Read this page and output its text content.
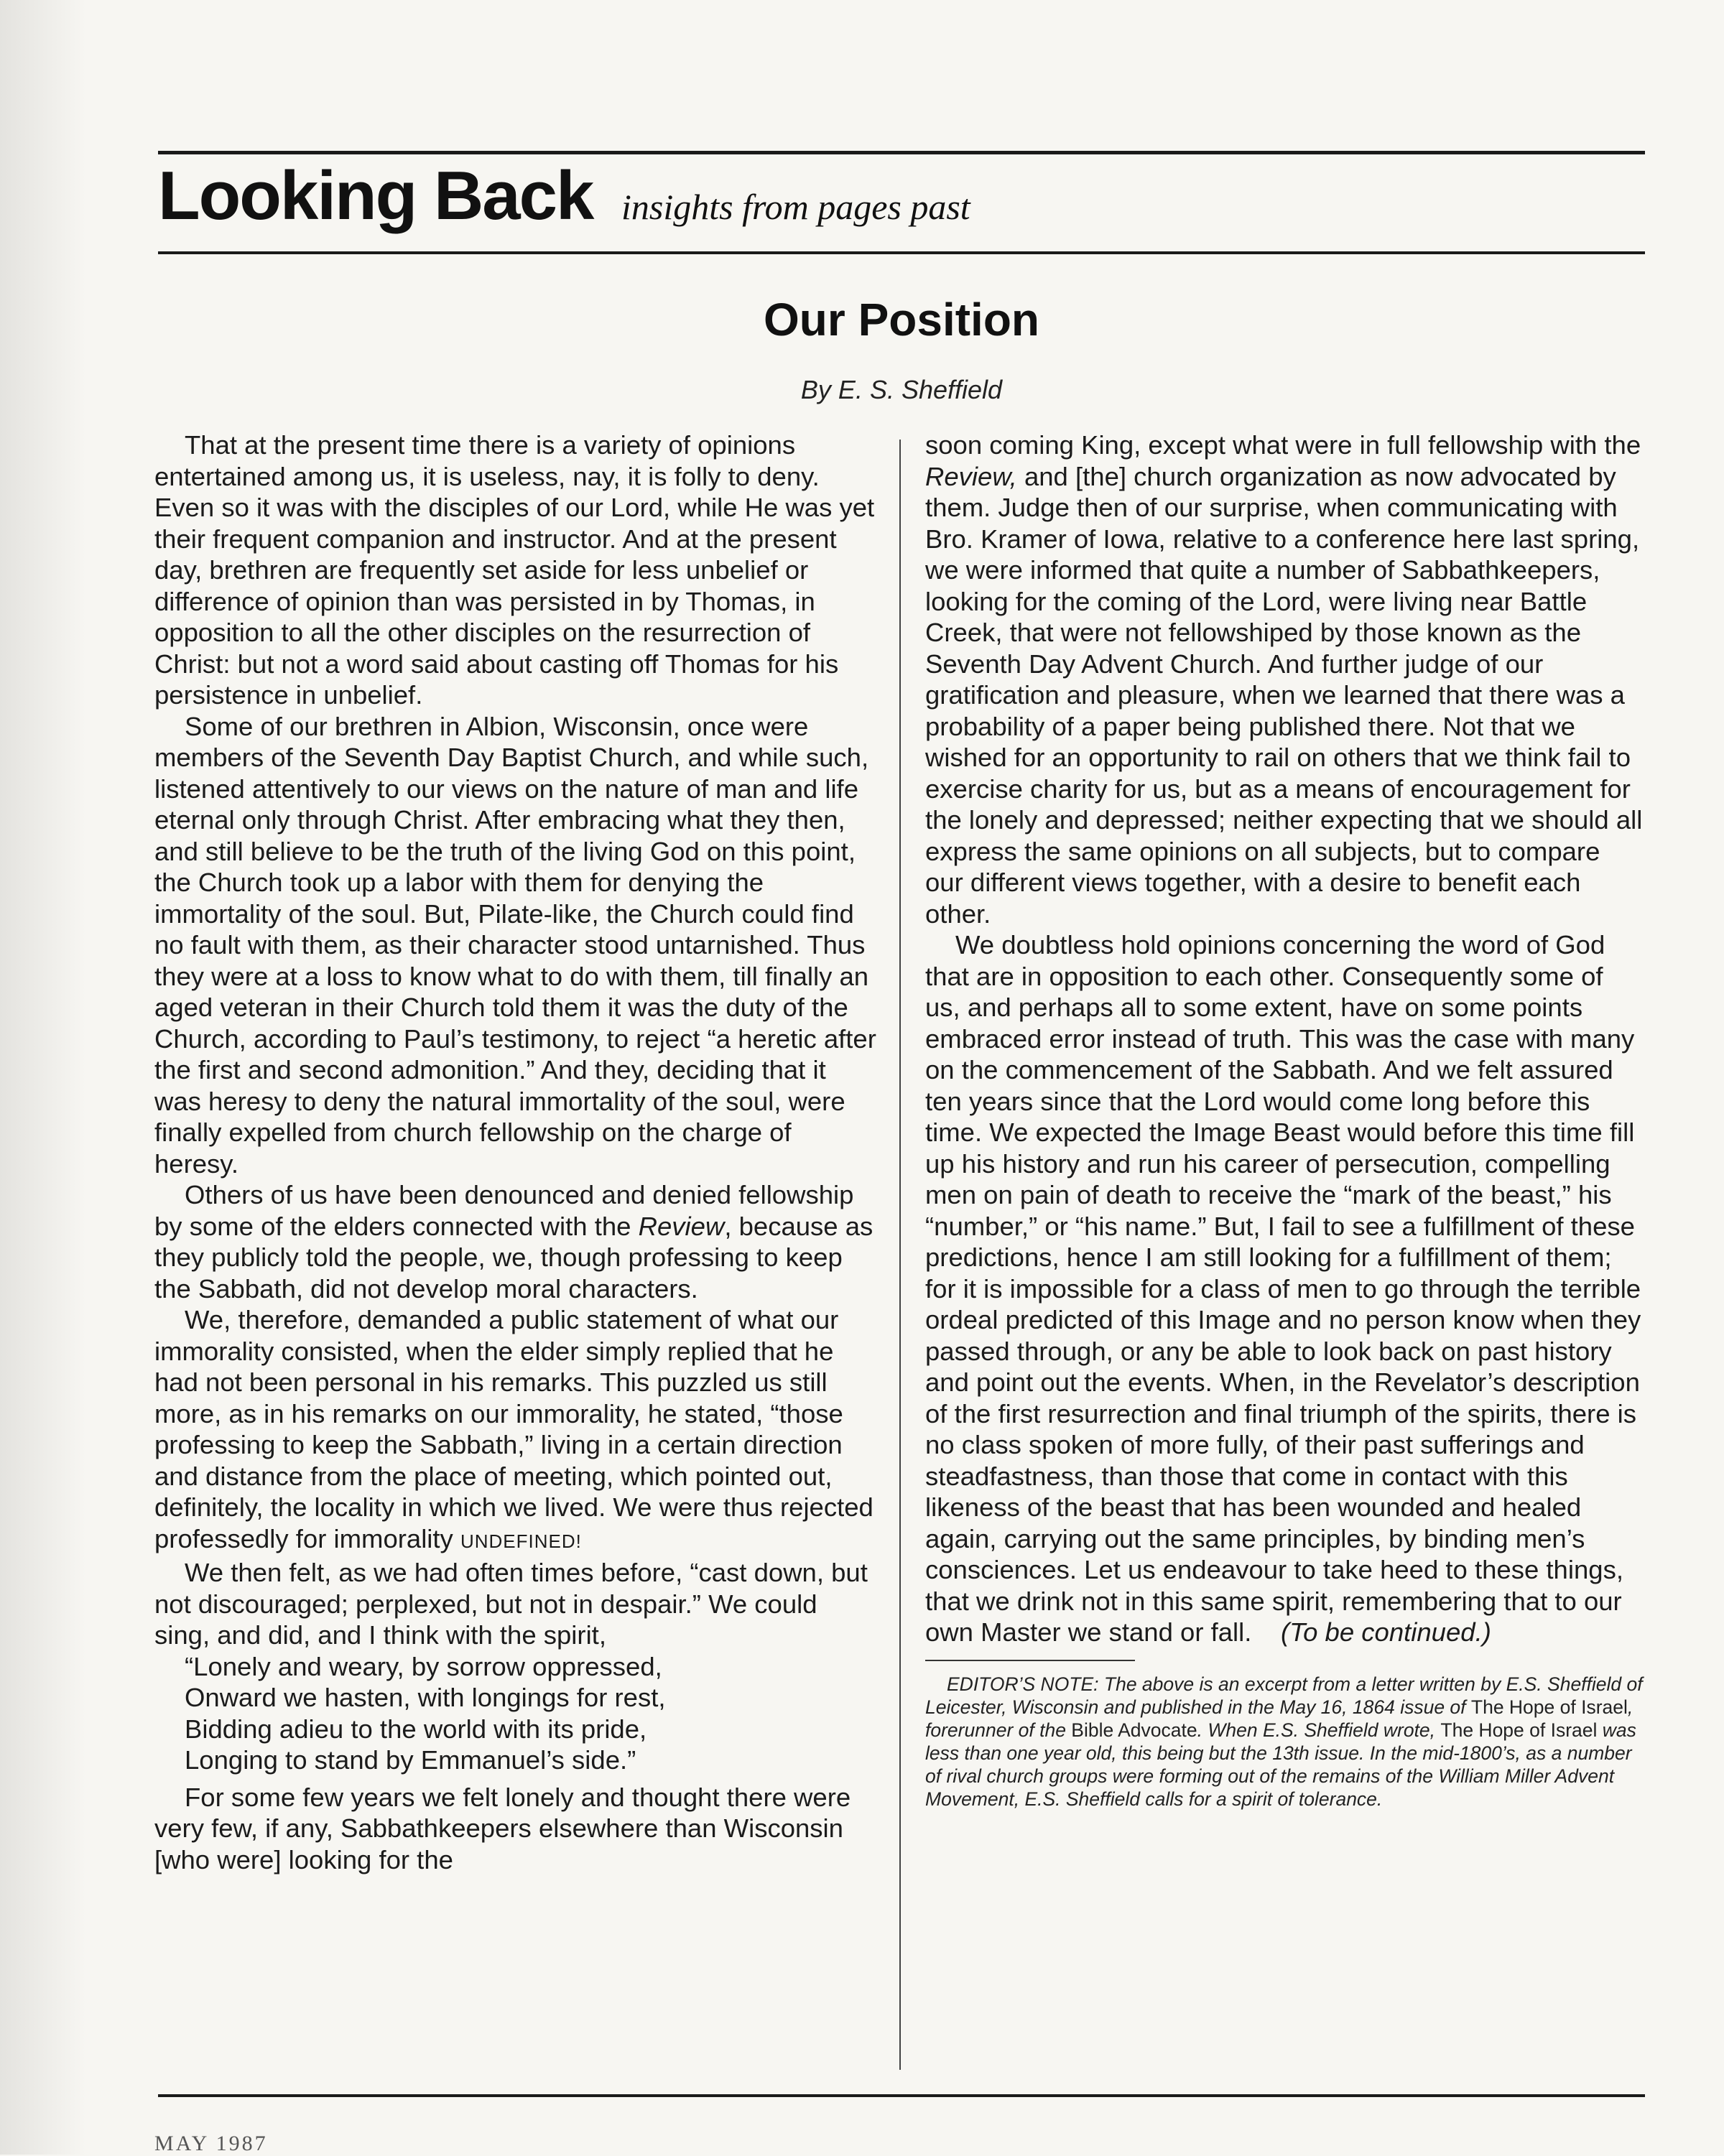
Looking Back insights from pages past
Our Position
By E. S. Sheffield

That at the present time there is a variety of opinions entertained among us, it is useless, nay, it is folly to deny. Even so it was with the disciples of our Lord, while He was yet their frequent companion and instructor. And at the present day, brethren are frequently set aside for less unbelief or difference of opinion than was persisted in by Thomas, in opposition to all the other disciples on the resurrection of Christ: but not a word said about casting off Thomas for his persistence in unbelief.

Some of our brethren in Albion, Wisconsin, once were members of the Seventh Day Baptist Church, and while such, listened attentively to our views on the nature of man and life eternal only through Christ. After embracing what they then, and still believe to be the truth of the living God on this point, the Church took up a labor with them for denying the immortality of the soul. But, Pilate-like, the Church could find no fault with them, as their character stood untarnished. Thus they were at a loss to know what to do with them, till finally an aged veteran in their Church told them it was the duty of the Church, according to Paul’s testimony, to reject “a heretic after the first and second admonition.” And they, deciding that it was heresy to deny the natural immortality of the soul, were finally expelled from church fellowship on the charge of heresy.

Others of us have been denounced and denied fellowship by some of the elders connected with the Review, because as they publicly told the people, we, though professing to keep the Sabbath, did not develop moral characters.

We, therefore, demanded a public statement of what our immorality consisted, when the elder simply replied that he had not been personal in his remarks. This puzzled us still more, as in his remarks on our immorality, he stated, “those professing to keep the Sabbath,” living in a certain direction and distance from the place of meeting, which pointed out, definitely, the locality in which we lived. We were thus rejected professedly for immorality UNDEFINED!

We then felt, as we had often times before, “cast down, but not discouraged; perplexed, but not in despair.” We could sing, and did, and I think with the spirit,

“Lonely and weary, by sorrow oppressed,
Onward we hasten, with longings for rest,
Bidding adieu to the world with its pride,
Longing to stand by Emmanuel’s side.”

For some few years we felt lonely and thought there were very few, if any, Sabbathkeepers elsewhere than Wisconsin [who were] looking for the

soon coming King, except what were in full fellowship with the Review, and [the] church organization as now advocated by them. Judge then of our surprise, when communicating with Bro. Kramer of Iowa, relative to a conference here last spring, we were informed that quite a number of Sabbathkeepers, looking for the coming of the Lord, were living near Battle Creek, that were not fellowshiped by those known as the Seventh Day Advent Church. And further judge of our gratification and pleasure, when we learned that there was a probability of a paper being published there. Not that we wished for an opportunity to rail on others that we think fail to exercise charity for us, but as a means of encouragement for the lonely and depressed; neither expecting that we should all express the same opinions on all subjects, but to compare our different views together, with a desire to benefit each other.

We doubtless hold opinions concerning the word of God that are in opposition to each other. Consequently some of us, and perhaps all to some extent, have on some points embraced error instead of truth. This was the case with many on the commencement of the Sabbath. And we felt assured ten years since that the Lord would come long before this time. We expected the Image Beast would before this time fill up his history and run his career of persecution, compelling men on pain of death to receive the “mark of the beast,” his “number,” or “his name.” But, I fail to see a fulfillment of these predictions, hence I am still looking for a fulfillment of them; for it is impossible for a class of men to go through the terrible ordeal predicted of this Image and no person know when they passed through, or any be able to look back on past history and point out the events. When, in the Revelator’s description of the first resurrection and final triumph of the spirits, there is no class spoken of more fully, of their past sufferings and steadfastness, than those that come in contact with this likeness of the beast that has been wounded and healed again, carrying out the same principles, by binding men’s consciences. Let us endeavour to take heed to these things, that we drink not in this same spirit, remembering that to our own Master we stand or fall. (To be continued.)

EDITOR’S NOTE: The above is an excerpt from a letter written by E.S. Sheffield of Leicester, Wisconsin and published in the May 16, 1864 issue of The Hope of Israel, forerunner of the Bible Advocate. When E.S. Sheffield wrote, The Hope of Israel was less than one year old, this being but the 13th issue. In the mid-1800’s, as a number of rival church groups were forming out of the remains of the William Miller Advent Movement, E.S. Sheffield calls for a spirit of tolerance.

MAY 1987
